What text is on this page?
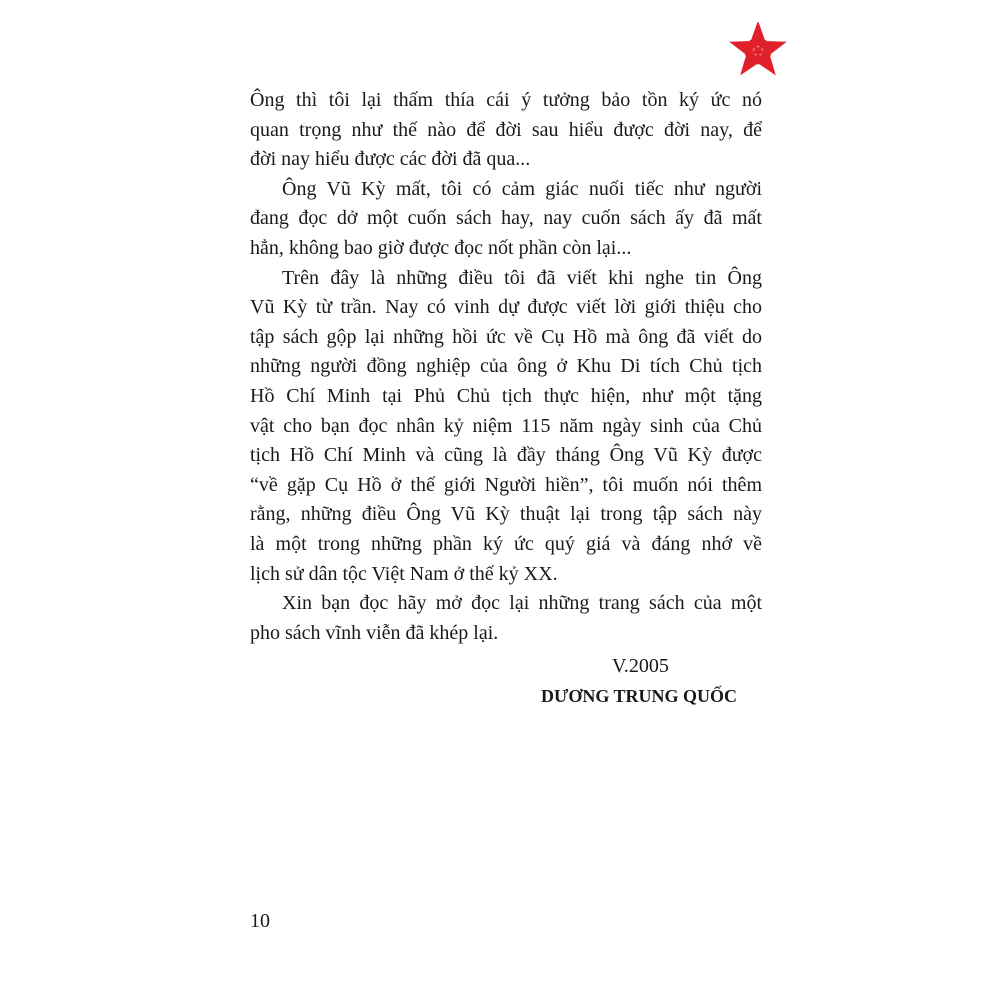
Ông thì tôi lại thấm thía cái ý tưởng bảo tồn ký ức nó
quan trọng như thế nào để đời sau hiểu được đời nay, để
đời nay hiểu được các đời đã qua...
Ông Vũ Kỳ mất, tôi có cảm giác nuối tiếc như người
đang đọc dở một cuốn sách hay, nay cuốn sách ấy đã mất
hẳn, không bao giờ được đọc nốt phần còn lại...
Trên đây là những điều tôi đã viết khi nghe tin Ông
Vũ Kỳ từ trần. Nay có vinh dự được viết lời giới thiệu cho
tập sách gộp lại những hồi ức về Cụ Hồ mà ông đã viết do
những người đồng nghiệp của ông ở Khu Di tích Chủ tịch
Hồ Chí Minh tại Phủ Chủ tịch thực hiện, như một tặng
vật cho bạn đọc nhân kỷ niệm 115 năm ngày sinh của Chủ
tịch Hồ Chí Minh và cũng là đầy tháng Ông Vũ Kỳ được
“về gặp Cụ Hồ ở thế giới Người hiền”, tôi muốn nói thêm
rằng, những điều Ông Vũ Kỳ thuật lại trong tập sách này
là một trong những phần ký ức quý giá và đáng nhớ về
lịch sử dân tộc Việt Nam ở thế kỷ XX.
Xin bạn đọc hãy mở đọc lại những trang sách của một
pho sách vĩnh viễn đã khép lại.
V.2005
DƯƠNG TRUNG QUỐC
10
